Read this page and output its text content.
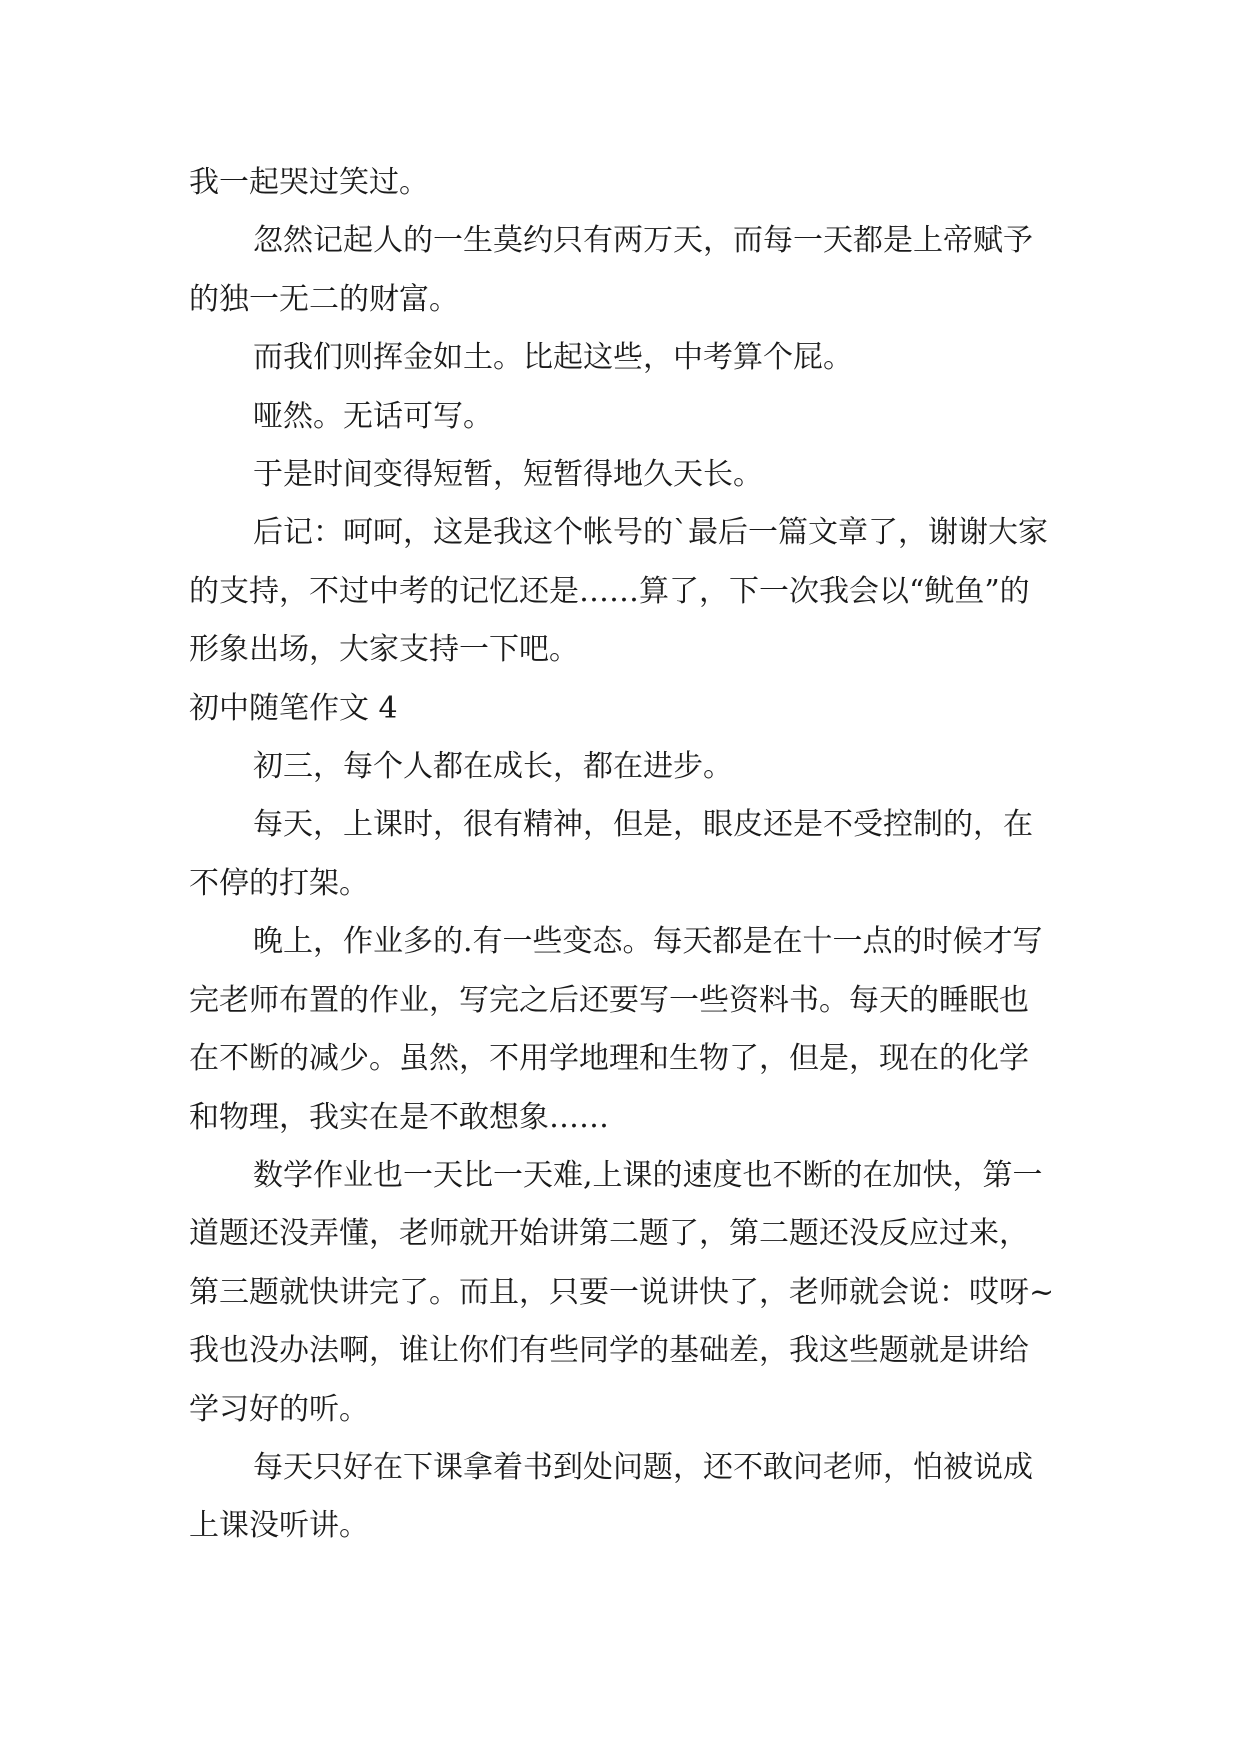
我一起哭过笑过。

忽然记起人的一生莫约只有两万天，而每一天都是上帝赋予的独一无二的财富。

而我们则挥金如土。比起这些，中考算个屁。

哑然。无话可写。

于是时间变得短暂，短暂得地久天长。

后记：呵呵，这是我这个帐号的`最后一篇文章了，谢谢大家的支持，不过中考的记忆还是……算了，下一次我会以“鱿鱼”的形象出场，大家支持一下吧。

初中随笔作文 4

初三，每个人都在成长，都在进步。

每天，上课时，很有精神，但是，眼皮还是不受控制的，在不停的打架。

晚上，作业多的.有一些变态。每天都是在十一点的时候才写完老师布置的作业，写完之后还要写一些资料书。每天的睡眠也在不断的减少。虽然，不用学地理和生物了，但是，现在的化学和物理，我实在是不敢想象……

数学作业也一天比一天难,上课的速度也不断的在加快，第一道题还没弄懂，老师就开始讲第二题了，第二题还没反应过来，第三题就快讲完了。而且，只要一说讲快了，老师就会说：哎呀~我也没办法啊，谁让你们有些同学的基础差，我这些题就是讲给学习好的听。

每天只好在下课拿着书到处问题，还不敢问老师，怕被说成上课没听讲。
